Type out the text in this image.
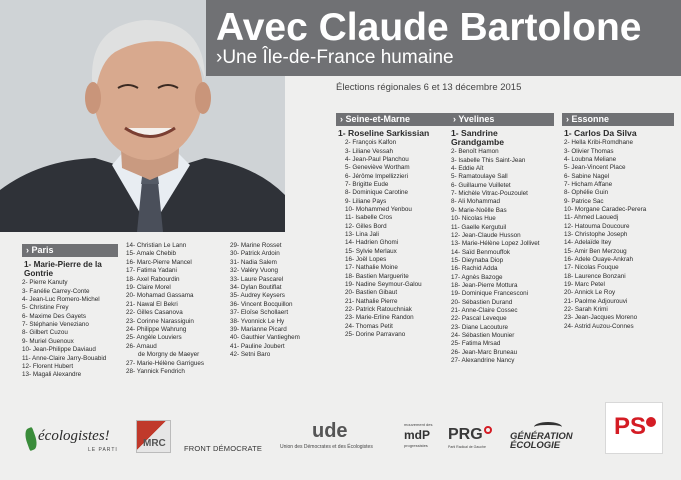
Avec Claude Bartolone
›Une Île-de-France humaine
Élections régionales 6 et 13 décembre 2015
› Seine-et-Marne
1- Roseline Sarkissian
2- François Kalfon
3- Liliane Vessah
4- Jean-Paul Planchou
5- Geneviève Wortham
6- Jérôme Impellizzieri
7- Brigitte Eude
8- Dominique Carotine
9- Liliane Pays
10- Mohammed Yenbou
11- Isabelle Cros
12- Gilles Bord
13- Lina Jali
14- Hadrien Ghomi
15- Sylvie Merlaux
16- Joël Lopes
17- Nathalie Moine
18- Bastien Marguerite
19- Nadine Seymour-Galou
20- Bastien Gibaut
21- Nathalie Pierre
22- Patrick Ratouchniak
23- Marie-Erline Randon
24- Thomas Petit
25- Dorine Parravano
› Yvelines
1- Sandrine Grandgambe
2- Benoît Hamon
3- Isabelle This Saint-Jean
4- Eddie Aït
5- Ramatoulaye Sall
6- Guillaume Vuilletet
7- Michèle Vitrac-Pouzoulet
8- Ali Mohammad
9- Marie-Noëlle Bas
10- Nicolas Hue
11- Gaelle Kergutuil
12- Jean-Claude Husson
13- Marie-Hélène Lopez Jollivet
14- Saïd Benmouffok
15- Dieynaba Diop
16- Rachid Adda
17- Agnès Bazoge
18- Jean-Pierre Mottura
19- Dominique Francesconi
20- Sébastien Durand
21- Anne-Claire Cossec
22- Pascal Leveque
23- Diane Lacouture
24- Sébastien Mounier
25- Fatima Mrsad
26- Jean-Marc Bruneau
27- Alexandrine Nancy
› Essonne
1- Carlos Da Silva
2- Hella Kribi-Romdhane
3- Olivier Thomas
4- Loubna Meliane
5- Jean-Vincent Place
6- Sabine Nagel
7- Hicham Affane
8- Ophélie Guin
9- Patrice Sac
10- Morgane Caradec-Perera
11- Ahmed Laouedj
12- Hatouma Doucoure
13- Christophe Joseph
14- Adelaïde Itey
15- Amir Ben Merzoug
16- Adele Ouaye-Ankrah
17- Nicolas Fouque
18- Laurence Bonzani
19- Marc Petel
20- Annick Le Roy
21- Paolme Adjourouvi
22- Sarah Krimi
23- Jean-Jacques Moreno
24- Astrid Auzou-Connes
› Paris
1- Marie-Pierre de la Gontrie
2- Pierre Kanuty
3- Fanélie Carrey-Conte
4- Jean-Luc Romero-Michel
5- Christine Frey
6- Maxime Des Gayets
7- Stéphanie Veneziano
8- Gilbert Cuzou
9- Muriel Guenoux
10- Jean-Philippe Daviaud
11- Anne-Claire Jarry-Bouabid
12- Florent Hubert
13- Magali Alexandre
14- Christian Le Lann
15- Amale Chebib
16- Marc-Pierre Mancel
17- Fatima Yadani
18- Axel Rabourdin
19- Claire Morel
20- Mohamad Gassama
21- Nawal El Bekri
22- Gilles Casanova
23- Corinne Narassiguin
24- Philippe Wahrung
25- Angèle Louviers
26- Arnaud
de Morgny de Maeyer
27- Marie-Hélène Garrigues
28- Yannick Fendrich
29- Marine Rosset
30- Patrick Ardoin
31- Nadia Salem
32- Valéry Vuong
33- Laure Pascarel
34- Dylan Boutiflat
35- Audrey Keysers
36- Vincent Bocquillon
37- Eloïse Schollaert
38- Yvonnick Le Hy
39- Marianne Picard
40- Gauthier Vantieghem
41- Pauline Joubert
42- Setni Baro
écologistes!
LE PARTI
MRC FRONT DÉMOCRATE
ude
Union des Démocrates et des Écologistes
mouvement des
mdP
progressistes
PRG
Parti Radical de Gauche
GÉNÉRATION ÉCOLOGIE
PS
